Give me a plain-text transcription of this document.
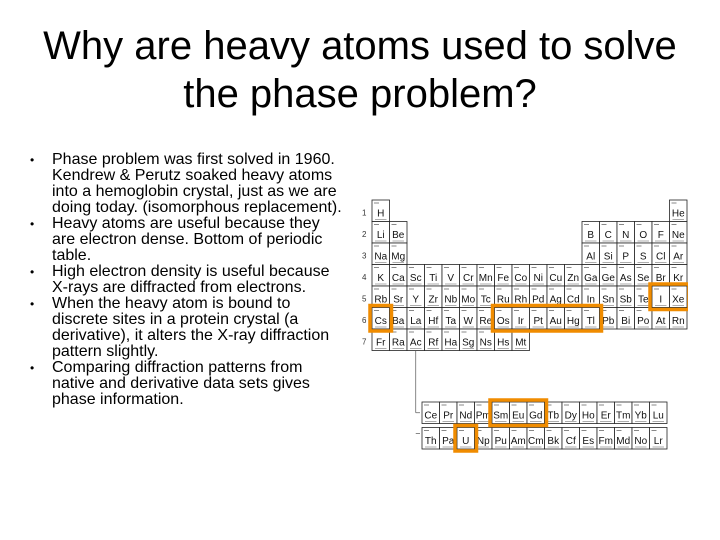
Why are heavy atoms used to solve
the phase problem?
• Phase problem was first solved in 1960. Kendrew & Perutz soaked heavy atoms into a hemoglobin crystal, just as we are doing today. (isomorphous replacement).
• Heavy atoms are useful because they are electron dense. Bottom of periodic table.
• High electron density is useful because X-rays are diffracted from electrons.
• When the heavy atom is bound to discrete sites in a protein crystal (a derivative), it alters the X-ray diffraction pattern slightly.
• Comparing diffraction patterns from native and derivative data sets gives phase information.
1 H	He
2 Li Be	B C N O F Ne
3 Na Mg	Al Si P S Cl Ar
4 K Ca Sc Ti V Cr Mn Fe Co Ni Cu Zn Ga Ge As Se Br Kr
5 Rb Sr Y Zr Nb Mo Tc Ru Rh Pd Ag Cd In Sn Sb Te I Xe
6 Cs Ba La Hf Ta W Re Os Ir Pt Au Hg Tl Pb Bi Po At Rn
7 Fr Ra Ac Rf Ha Sg Ns Hs Mt
Ce Pr Nd Pm Sm Eu Gd Tb Dy Ho Er Tm Yb Lu
Th Pa U Np Pu Am Cm Bk Cf Es Fm Md No Lr
